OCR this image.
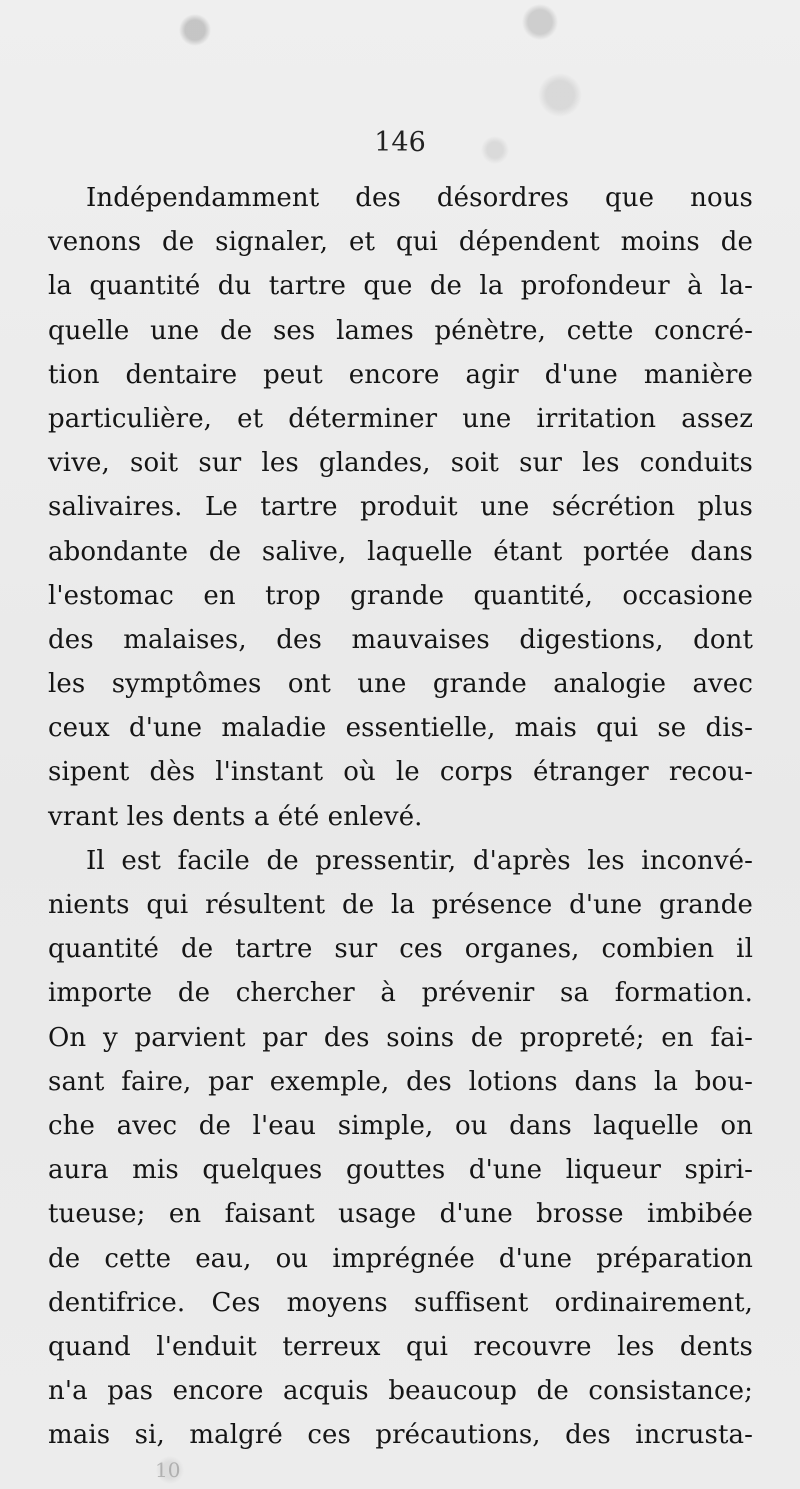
146

Indépendamment des désordres que nous
venons de signaler, et qui dépendent moins de
la quantité du tartre que de la profondeur à la-
quelle une de ses lames pénètre, cette concré-
tion dentaire peut encore agir d'une manière
particulière, et déterminer une irritation assez
vive, soit sur les glandes, soit sur les conduits
salivaires. Le tartre produit une sécrétion plus
abondante de salive, laquelle étant portée dans
l'estomac en trop grande quantité, occasione
des malaises, des mauvaises digestions, dont
les symptômes ont une grande analogie avec
ceux d'une maladie essentielle, mais qui se dis-
sipent dès l'instant où le corps étranger recou-
vrant les dents a été enlevé.

Il est facile de pressentir, d'après les inconvé-
nients qui résultent de la présence d'une grande
quantité de tartre sur ces organes, combien il
importe de chercher à prévenir sa formation.
On y parvient par des soins de propreté; en fai-
sant faire, par exemple, des lotions dans la bou-
che avec de l'eau simple, ou dans laquelle on
aura mis quelques gouttes d'une liqueur spiri-
tueuse; en faisant usage d'une brosse imbibée
de cette eau, ou imprégnée d'une préparation
dentifrice. Ces moyens suffisent ordinairement,
quand l'enduit terreux qui recouvre les dents
n'a pas encore acquis beaucoup de consistance;
mais si, malgré ces précautions, des incrusta-

10
